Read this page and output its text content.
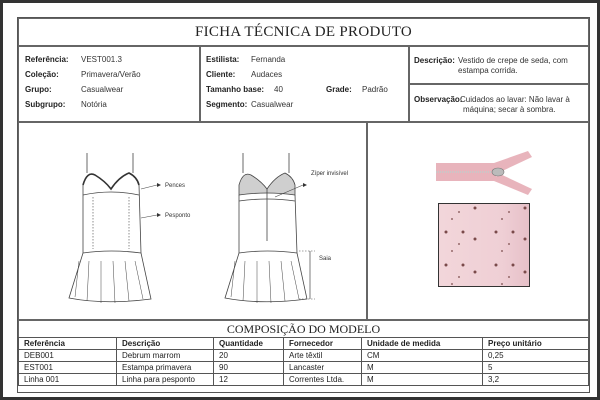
FICHA TÉCNICA DE PRODUTO
Referência: VEST001.3
Coleção:	Primavera/Verão
Grupo:	Casualwear
Subgrupo: Notória
Estilista: Fernanda
Cliente: Audaces
Tamanho base: 40	Grade: Padrão
Segmento: Casualwear
Descrição: Vestido de crepe de seda, com
estampa corrida.
Observação:
Cuidados ao lavar: Não lavar à
máquina; secar à sombra.
Pences
Pesponto
Zíper invisível
Saia
COMPOSIÇÃO DO MODELO
Referência	Descrição	Quantidade	Fornecedor	Unidade de medida	Preço unitário
DEB001	Debrum marrom	20	Arte têxtil	CM	0,25
EST001	Estampa primavera	90	Lancaster	M	5
Linha 001	Linha para pesponto	12	Correntes Ltda.	M	3,2
